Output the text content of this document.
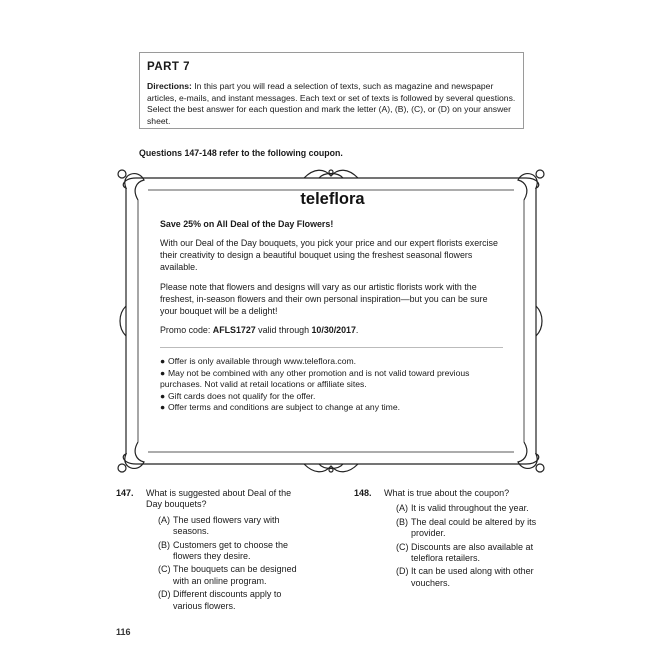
PART 7
Directions: In this part you will read a selection of texts, such as magazine and newspaper articles, e-mails, and instant messages. Each text or set of texts is followed by several questions. Select the best answer for each question and mark the letter (A), (B), (C), or (D) on your answer sheet.
Questions 147-148 refer to the following coupon.
teleflora
Save 25% on All Deal of the Day Flowers!
With our Deal of the Day bouquets, you pick your price and our expert florists exercise their creativity to design a beautiful bouquet using the freshest seasonal flowers available.
Please note that flowers and designs will vary as our artistic florists work with the freshest, in-season flowers and their own personal inspiration—but you can be sure your bouquet will be a delight!
Promo code: AFLS1727 valid through 10/30/2017.
● Offer is only available through www.teleflora.com.
● May not be combined with any other promotion and is not valid toward previous purchases. Not valid at retail locations or affiliate sites.
● Gift cards does not qualify for the offer.
● Offer terms and conditions are subject to change at any time.
147. What is suggested about Deal of the Day bouquets?
(A) The used flowers vary with seasons.
(B) Customers get to choose the flowers they desire.
(C) The bouquets can be designed with an online program.
(D) Different discounts apply to various flowers.
148. What is true about the coupon?
(A) It is valid throughout the year.
(B) The deal could be altered by its provider.
(C) Discounts are also available at teleflora retailers.
(D) It can be used along with other vouchers.
116
